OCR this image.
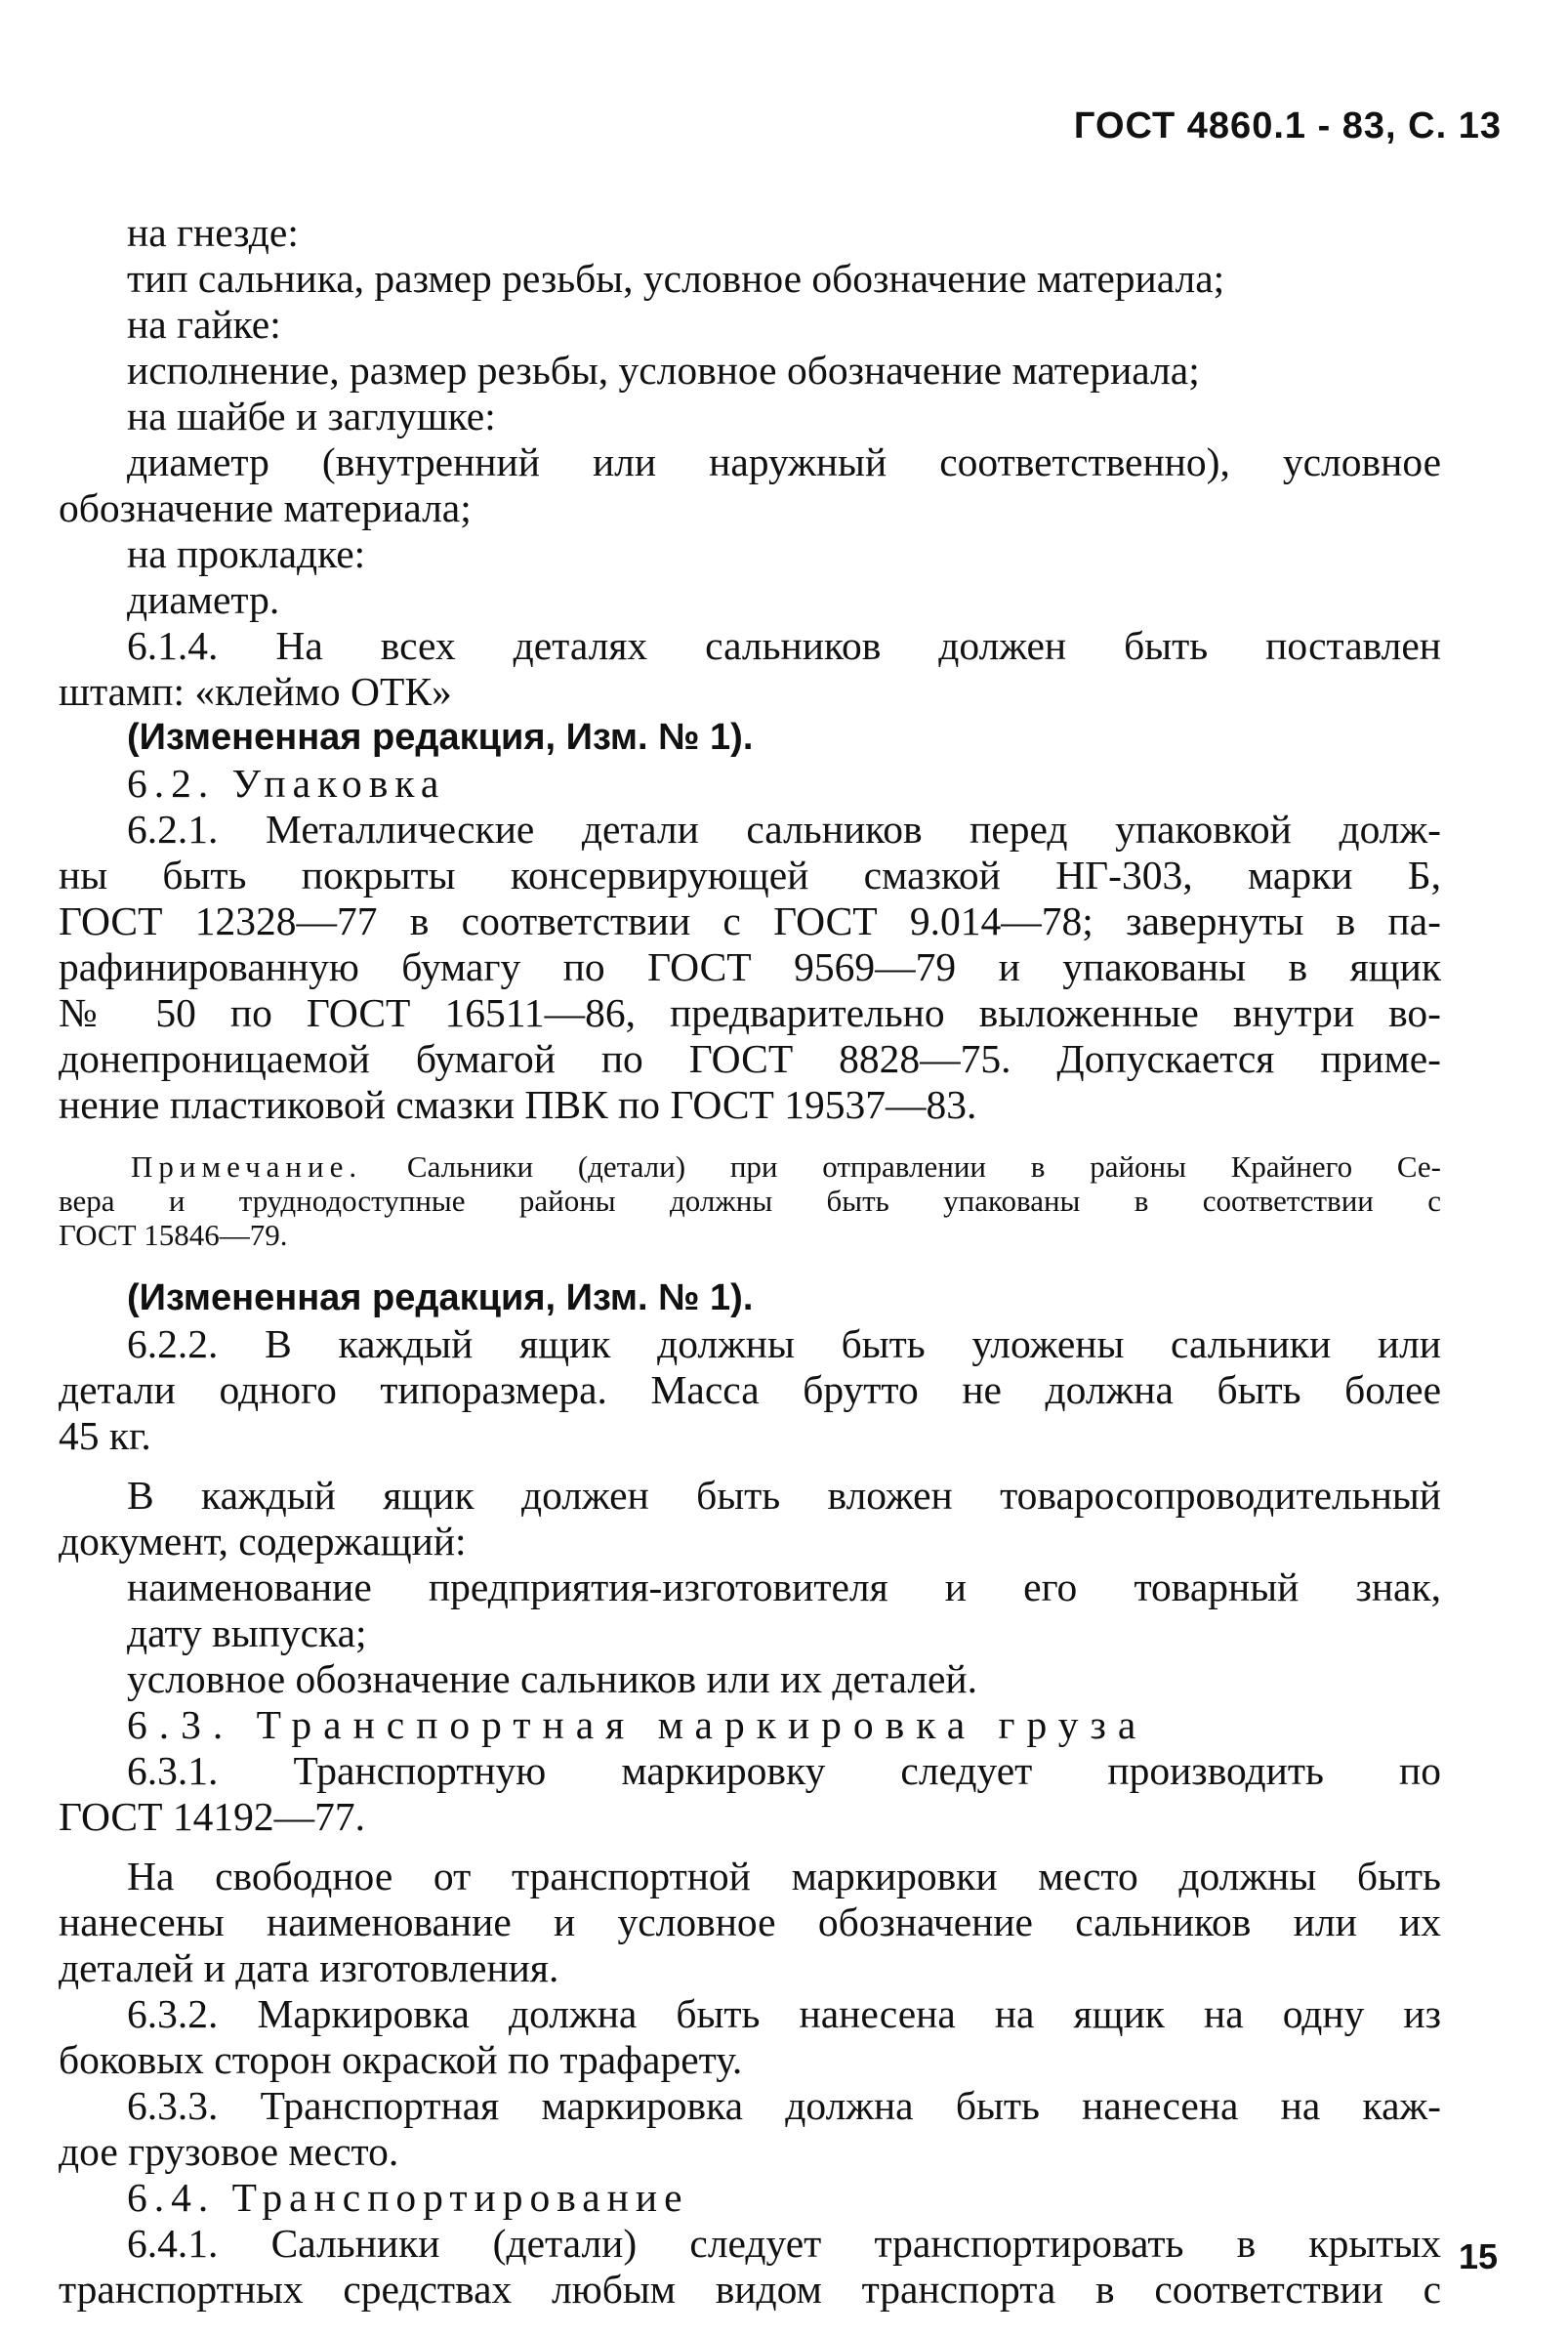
ГОСТ 4860.1 - 83, С. 13
на гнезде:
тип сальника, размер резьбы, условное обозначение материала;
на гайке:
исполнение, размер резьбы, условное обозначение материала;
на шайбе и заглушке:
диаметр (внутренний или наружный соответственно), условное
обозначение материала;
на прокладке:
диаметр.
6.1.4. На всех деталях сальников должен быть поставлен
штамп: «клеймо ОТК»
(Измененная редакция, Изм. № 1).
6.2. Упаковка
6.2.1. Металлические детали сальников перед упаковкой долж-
ны быть покрыты консервирующей смазкой НГ-303, марки Б,
ГОСТ 12328—77 в соответствии с ГОСТ 9.014—78; завернуты в па-
рафинированную бумагу по ГОСТ 9569—79 и упакованы в ящик
№ 50 по ГОСТ 16511—86, предварительно выложенные внутри во-
донепроницаемой бумагой по ГОСТ 8828—75. Допускается приме-
нение пластиковой смазки ПВК по ГОСТ 19537—83.
Примечание. Сальники (детали) при отправлении в районы Крайнего Се-
вера и труднодоступные районы должны быть упакованы в соответствии с
ГОСТ 15846—79.
(Измененная редакция, Изм. № 1).
6.2.2. В каждый ящик должны быть уложены сальники или
детали одного типоразмера. Масса брутто не должна быть более
45 кг.
В каждый ящик должен быть вложен товаросопроводительный
документ, содержащий:
наименование предприятия-изготовителя и его товарный знак,
дату выпуска;
условное обозначение сальников или их деталей.
6.3. Транспортная маркировка груза
6.3.1. Транспортную маркировку следует производить по
ГОСТ 14192—77.
На свободное от транспортной маркировки место должны быть
нанесены наименование и условное обозначение сальников или их
деталей и дата изготовления.
6.3.2. Маркировка должна быть нанесена на ящик на одну из
боковых сторон окраской по трафарету.
6.3.3. Транспортная маркировка должна быть нанесена на каж-
дое грузовое место.
6.4. Транспортирование
6.4.1. Сальники (детали) следует транспортировать в крытых
транспортных средствах любым видом транспорта в соответствии с
15
